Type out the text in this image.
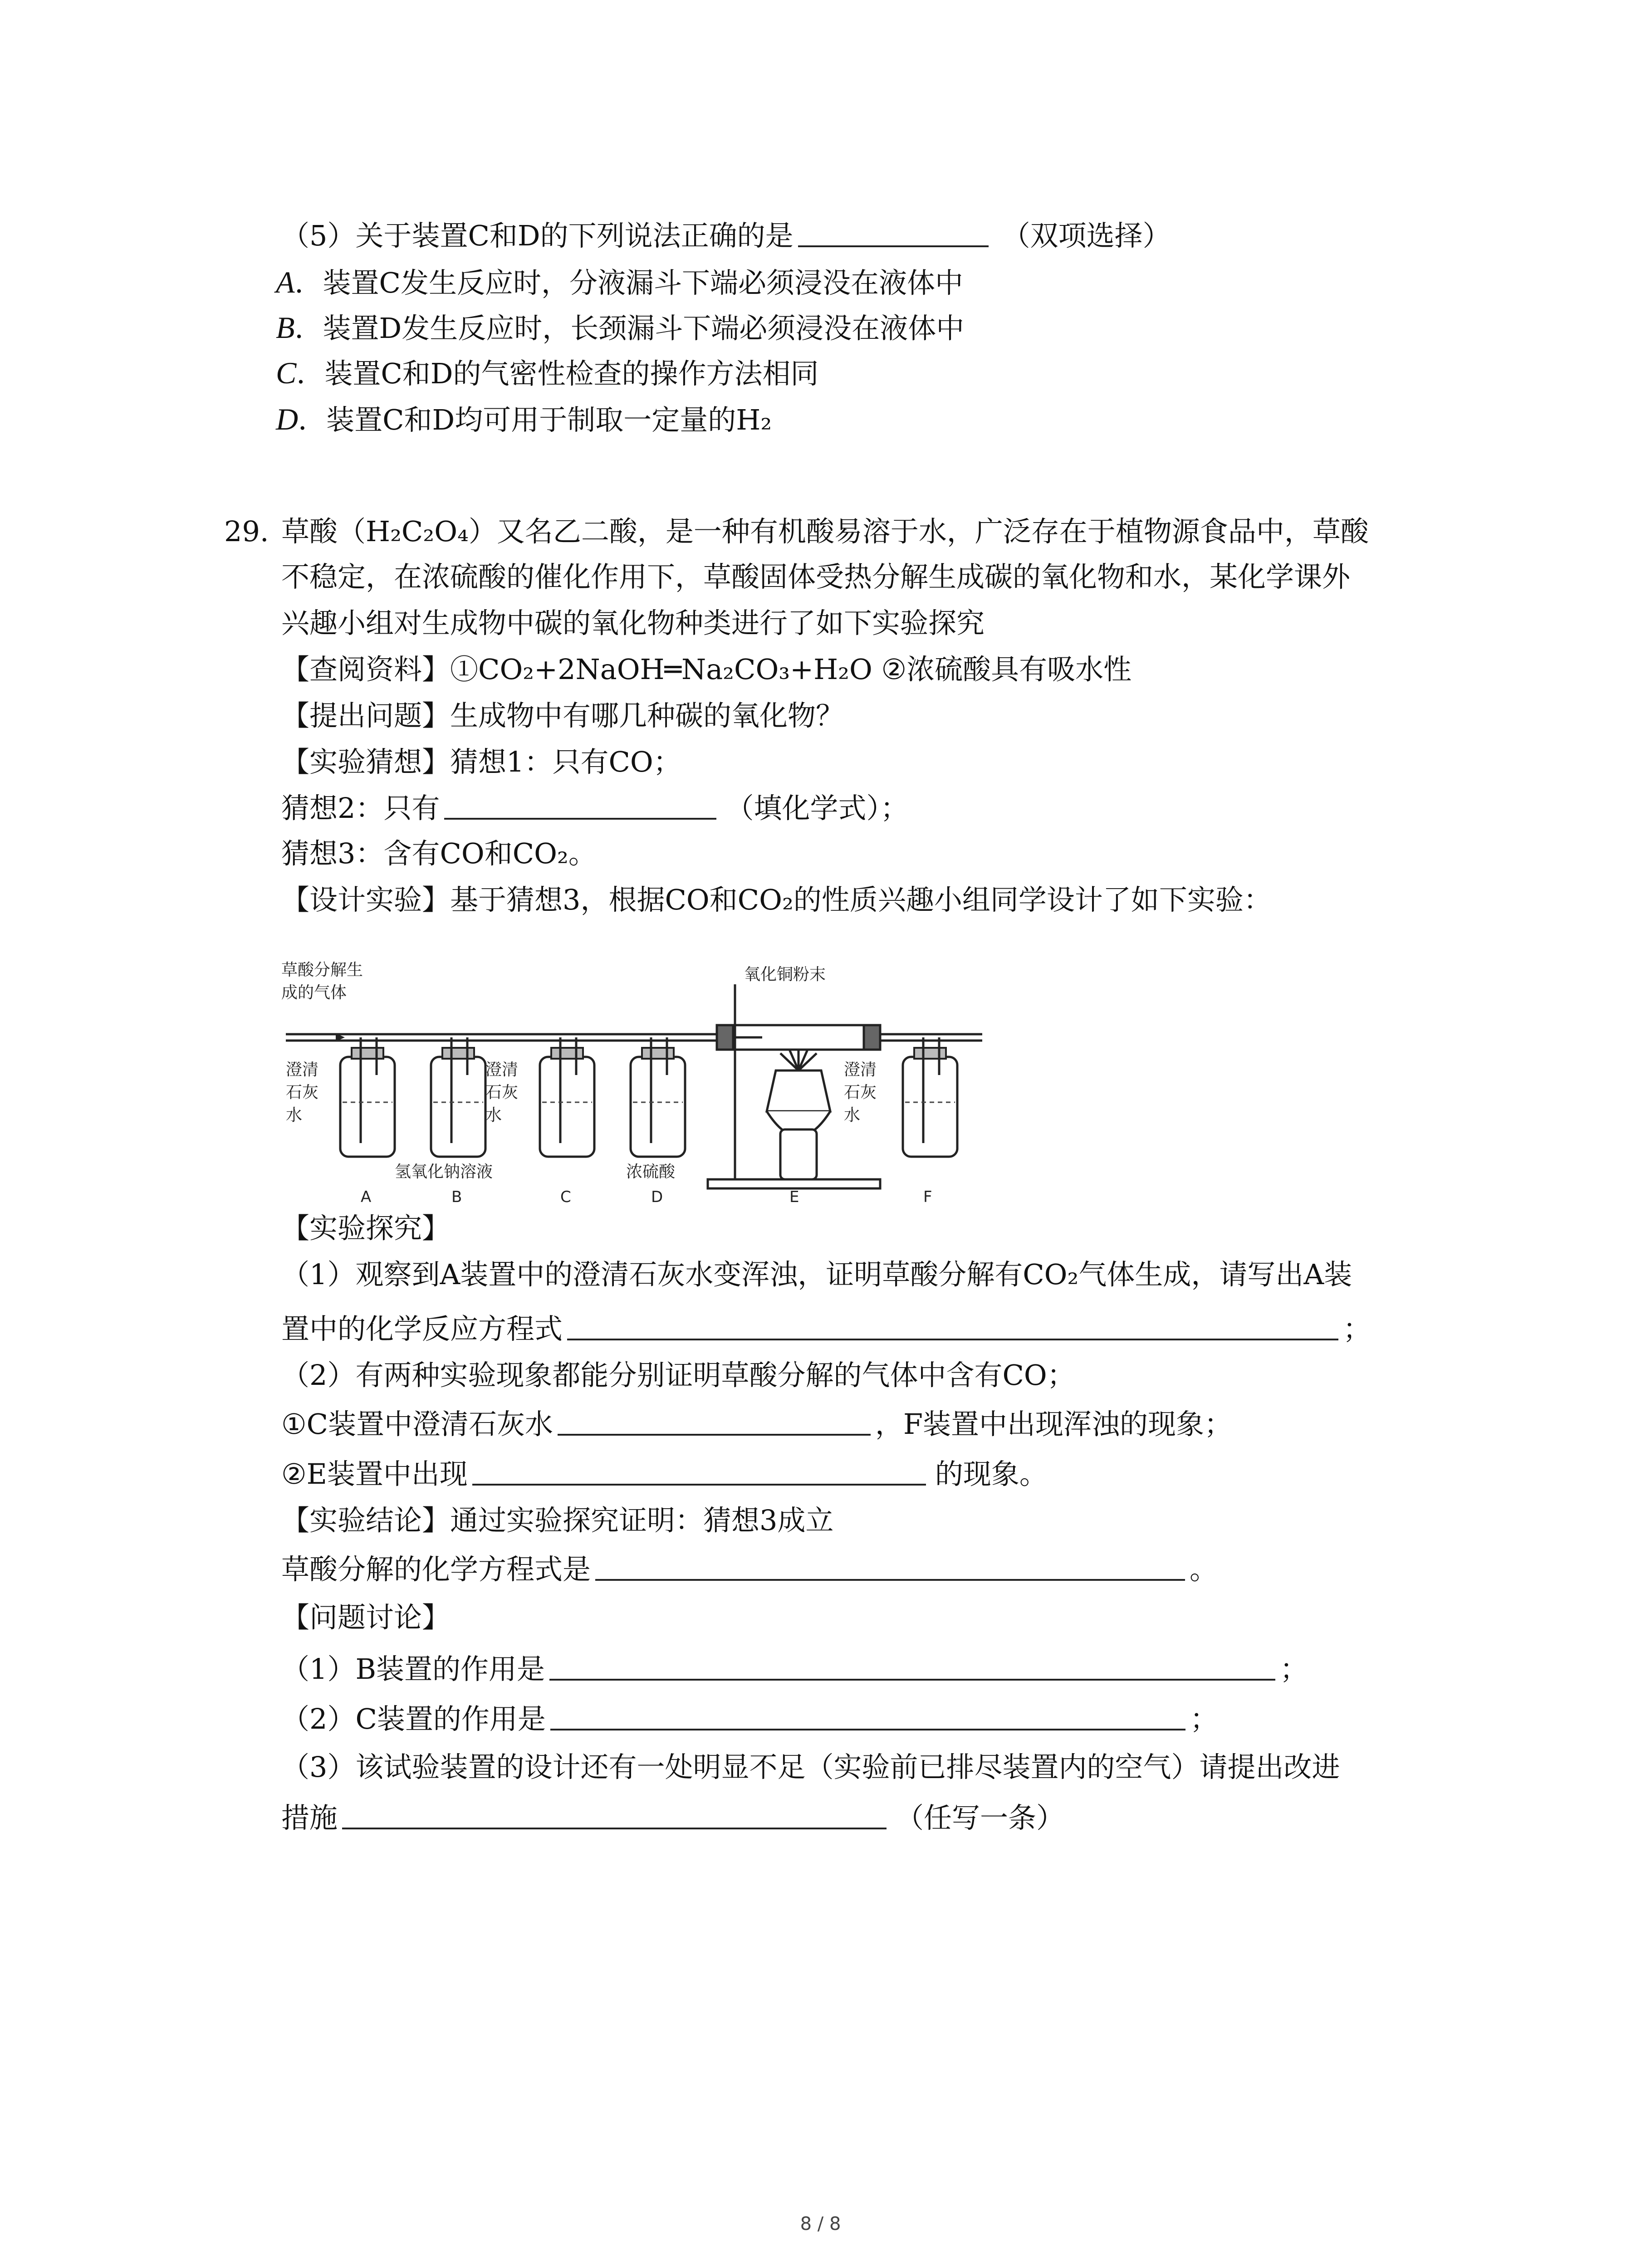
（5）关于装置C和D的下列说法正确的是	（双项选择）
A．装置C发生反应时，分液漏斗下端必须浸没在液体中
B．装置D发生反应时，长颈漏斗下端必须浸没在液体中
C．装置C和D的气密性检查的操作方法相同
D．装置C和D均可用于制取一定量的H₂
29. 草酸（H₂C₂O₄）又名乙二酸，是一种有机酸易溶于水，广泛存在于植物源食品中，草酸
不稳定，在浓硫酸的催化作用下，草酸固体受热分解生成碳的氧化物和水，某化学课外
兴趣小组对生成物中碳的氧化物种类进行了如下实验探究
【查阅资料】①CO₂+2NaOH═Na₂CO₃+H₂O ②浓硫酸具有吸水性
【提出问题】生成物中有哪几种碳的氧化物？
【实验猜想】猜想1：只有CO；
猜想2：只有	（填化学式）；
猜想3：含有CO和CO₂。
【设计实验】基于猜想3，根据CO和CO₂的性质兴趣小组同学设计了如下实验：
草酸分解生
成的气体
氧化铜粉末
澄清
石灰
水
澄清
石灰
水
澄清
石灰
水
氢氧化钠溶液	浓硫酸
A	B	C	D	E	F
【实验探究】
（1）观察到A装置中的澄清石灰水变浑浊，证明草酸分解有CO₂气体生成，请写出A装
置中的化学反应方程式	；
（2）有两种实验现象都能分别证明草酸分解的气体中含有CO；
①C装置中澄清石灰水	，F装置中出现浑浊的现象；
②E装置中出现	的现象。
【实验结论】通过实验探究证明：猜想3成立
草酸分解的化学方程式是	。
【问题讨论】
（1）B装置的作用是	；
（2）C装置的作用是	；
（3）该试验装置的设计还有一处明显不足（实验前已排尽装置内的空气）请提出改进
措施	（任写一条）
8 / 8
